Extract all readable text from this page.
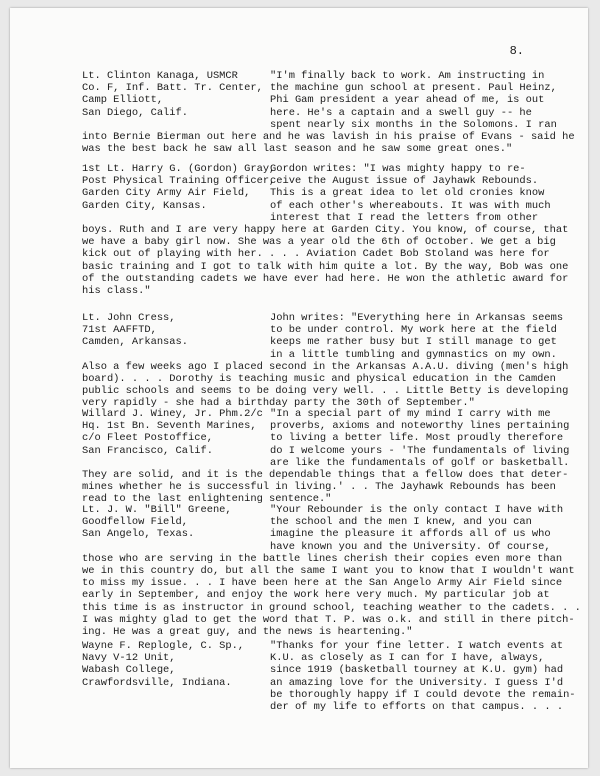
8.
Lt. Clinton Kanaga, USMCR
Co. F, Inf. Batt. Tr. Center,
Camp Elliott,
San Diego, Calif.
"I'm finally back to work. Am instructing in
the machine gun school at present. Paul Heinz,
Phi Gam president a year ahead of me, is out
here. He's a captain and a swell guy -- he
spent nearly six months in the Solomons. I ran
into Bernie Bierman out here and he was lavish in his praise of Evans - said he
was the best back he saw all last season and he saw some great ones."
1st Lt. Harry G. (Gordon) Gray,
Post Physical Training Officer,
Garden City Army Air Field,
Garden City, Kansas.
Gordon writes: "I was mighty happy to re-
ceive the August issue of Jayhawk Rebounds.
This is a great idea to let old cronies know
of each other's whereabouts. It was with much
interest that I read the letters from other
boys. Ruth and I are very happy here at Garden City. You know, of course, that
we have a baby girl now. She was a year old the 6th of October. We get a big
kick out of playing with her. . . . Aviation Cadet Bob Stoland was here for
basic training and I got to talk with him quite a lot. By the way, Bob was one
of the outstanding cadets we have ever had here. He won the athletic award for
his class."
Lt. John Cress,
71st AAFFTD,
Camden, Arkansas.
John writes: "Everything here in Arkansas seems
to be under control. My work here at the field
keeps me rather busy but I still manage to get
in a little tumbling and gymnastics on my own.
Also a few weeks ago I placed second in the Arkansas A.A.U. diving (men's high
board). . . . Dorothy is teaching music and physical education in the Camden
public schools and seems to be doing very well. . . Little Betty is developing
very rapidly - she had a birthday party the 30th of September."
Willard J. Winey, Jr. Phm.2/c
Hq. 1st Bn. Seventh Marines,
c/o Fleet Postoffice,
San Francisco, Calif.
"In a special part of my mind I carry with me
proverbs, axioms and noteworthy lines pertaining
to living a better life. Most proudly therefore
do I welcome yours - 'The fundamentals of living
are like the fundamentals of golf or basketball.
They are solid, and it is the dependable things that a fellow does that deter-
mines whether he is successful in living.' . . The Jayhawk Rebounds has been
read to the last enlightening sentence."
Lt. J. W. "Bill" Greene,
Goodfellow Field,
San Angelo, Texas.
"Your Rebounder is the only contact I have with
the school and the men I knew, and you can
imagine the pleasure it affords all of us who
have known you and the University. Of course,
those who are serving in the battle lines cherish their copies even more than
we in this country do, but all the same I want you to know that I wouldn't want
to miss my issue. . . I have been here at the San Angelo Army Air Field since
early in September, and enjoy the work here very much. My particular job at
this time is as instructor in ground school, teaching weather to the cadets. . .
I was mighty glad to get the word that T. P. was o.k. and still in there pitch-
ing. He was a great guy, and the news is heartening."
Wayne F. Replogle, C. Sp.,
Navy V-12 Unit,
Wabash College,
Crawfordsville, Indiana.
"Thanks for your fine letter. I watch events at
K.U. as closely as I can for I have, always,
since 1919 (basketball tourney at K.U. gym) had
an amazing love for the University. I guess I'd
be thoroughly happy if I could devote the remain-
der of my life to efforts on that campus. . . .
